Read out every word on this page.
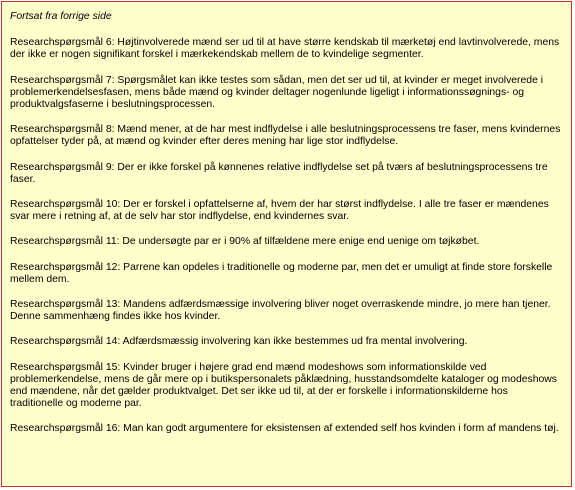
Fortsat fra forrige side

Researchspørgsmål 6: Højtinvolverede mænd ser ud til at have større kendskab til mærketøj end lavtinvolverede, mens der ikke er nogen signifikant forskel i mærkekendskab mellem de to kvindelige segmenter.

Researchspørgsmål 7: Spørgsmålet kan ikke testes som sådan, men det ser ud til, at kvinder er meget involverede i problemerkendelsesfasen, mens både mænd og kvinder deltager nogenlunde ligeligt i informationssøgnings- og produktvalgsfaserne i beslutningsprocessen.

Researchspørgsmål 8: Mænd mener, at de har mest indflydelse i alle beslutningsprocessens tre faser, mens kvindernes opfattelser tyder på, at mænd og kvinder efter deres mening har lige stor indflydelse.

Researchspørgsmål 9: Der er ikke forskel på kønnenes relative indflydelse set på tværs af beslutningsprocessens tre faser.

Researchspørgsmål 10: Der er forskel i opfattelserne af, hvem der har størst indflydelse. I alle tre faser er mændenes svar mere i retning af, at de selv har stor indflydelse, end kvindernes svar.

Researchspørgsmål 11: De undersøgte par er i 90% af tilfældene mere enige end uenige om tøjkøbet.

Researchspørgsmål 12: Parrene kan opdeles i traditionelle og moderne par, men det er umuligt at finde store forskelle mellem dem.

Researchspørgsmål 13: Mandens adfærdsmæssige involvering bliver noget overraskende mindre, jo mere han tjener. Denne sammenhæng findes ikke hos kvinder.

Researchspørgsmål 14: Adfærdsmæssig involvering kan ikke bestemmes ud fra mental involvering.

Researchspørgsmål 15: Kvinder bruger i højere grad end mænd modeshows som informationskilde ved problemerkendelse, mens de går mere op i butikspersonalets påklædning, husstandsomdelte kataloger og modeshows end mændene, når det gælder produktvalget. Det ser ikke ud til, at der er forskelle i informationskilderne hos traditionelle og moderne par.

Researchspørgsmål 16: Man kan godt argumentere for eksistensen af extended self hos kvinden i form af mandens tøj.
